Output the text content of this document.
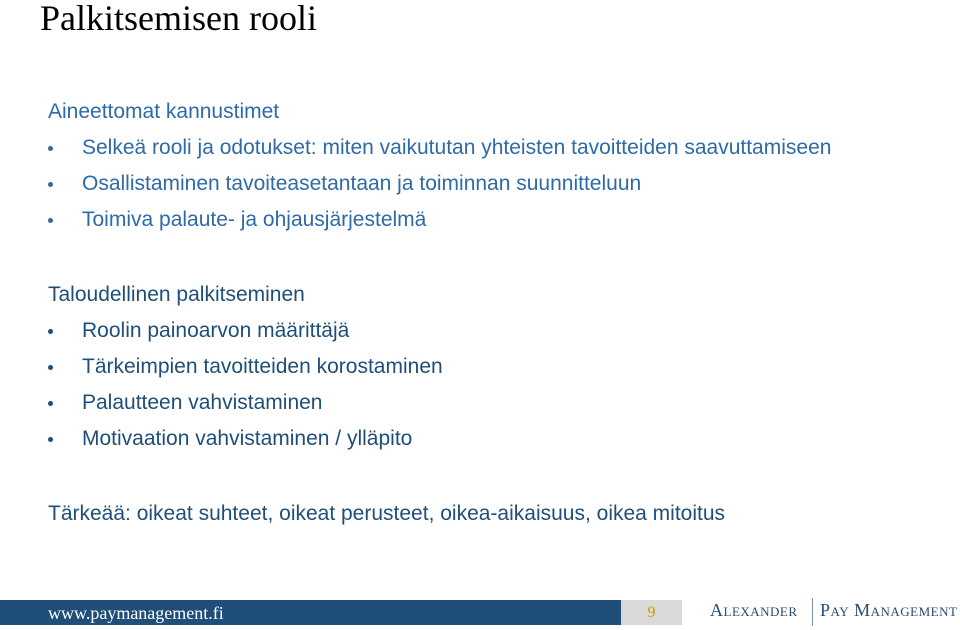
Palkitsemisen rooli
Aineettomat kannustimet
Selkeä rooli ja odotukset: miten vaikututan yhteisten tavoitteiden saavuttamiseen
Osallistaminen tavoiteasetantaan ja toiminnan suunnitteluun
Toimiva palaute- ja ohjausjärjestelmä
Taloudellinen palkitseminen
Roolin painoarvon määrittäjä
Tärkeimpien tavoitteiden korostaminen
Palautteen vahvistaminen
Motivaation vahvistaminen / ylläpito
Tärkeää: oikeat suhteet, oikeat perusteet, oikea-aikaisuus, oikea mitoitus
www.paymanagement.fi	9	Alexander Pay Management
